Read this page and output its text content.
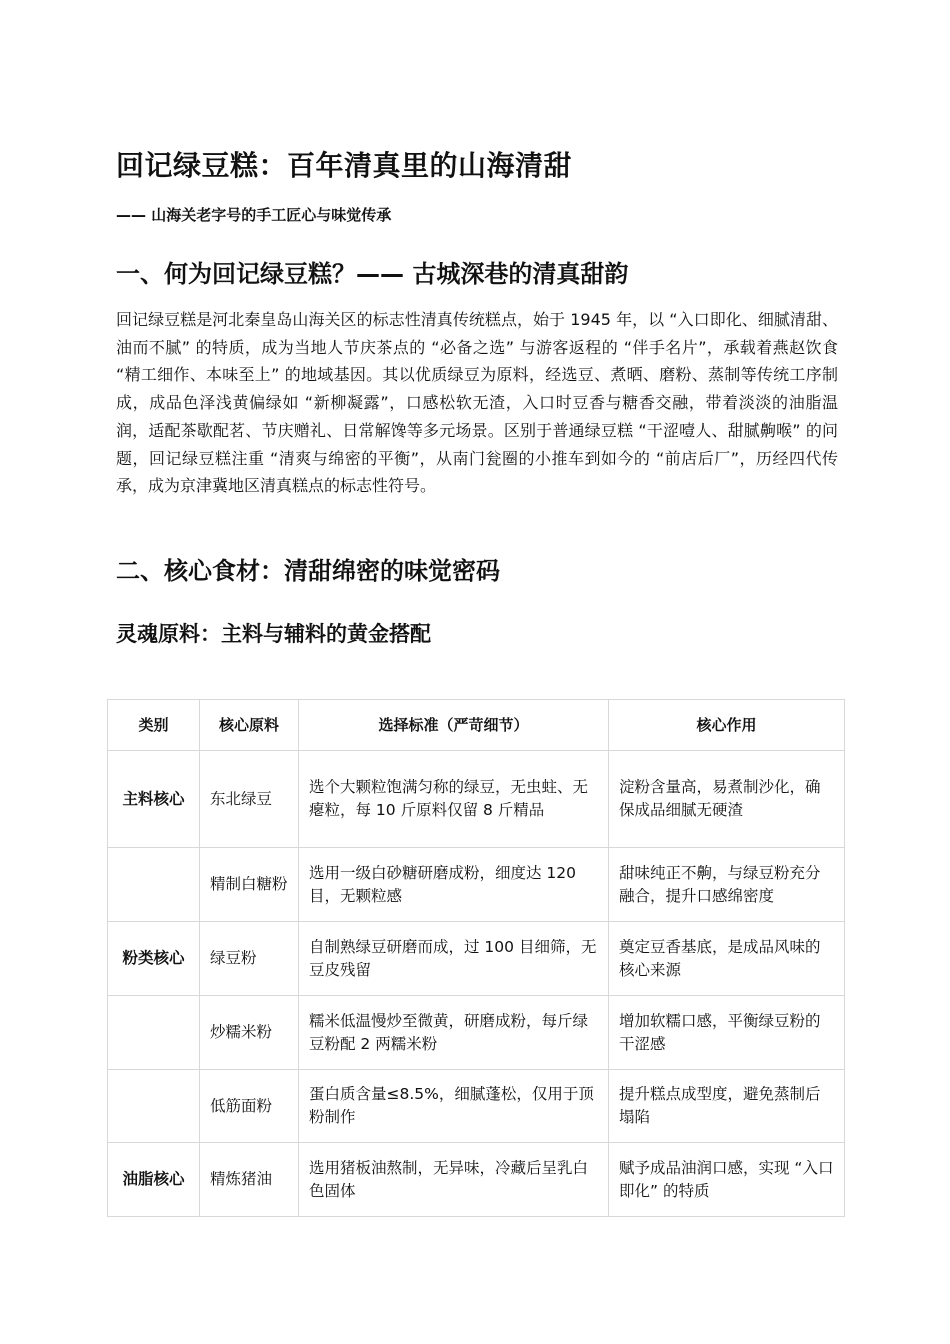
回记绿豆糕：百年清真里的山海清甜
—— 山海关老字号的手工匠心与味觉传承
一、何为回记绿豆糕？—— 古城深巷的清真甜韵

回记绿豆糕是河北秦皇岛山海关区的标志性清真传统糕点，始于 1945 年，以 “入口即化、细腻清甜、油而不腻” 的特质，成为当地人节庆茶点的 “必备之选” 与游客返程的 “伴手名片”，承载着燕赵饮食 “精工细作、本味至上” 的地域基因。其以优质绿豆为原料，经选豆、煮晒、磨粉、蒸制等传统工序制成，成品色泽浅黄偏绿如 “新柳凝露”，口感松软无渣，入口时豆香与糖香交融，带着淡淡的油脂温润，适配茶歇配茗、节庆赠礼、日常解馋等多元场景。区别于普通绿豆糕 “干涩噎人、甜腻齁喉” 的问题，回记绿豆糕注重 “清爽与绵密的平衡”，从南门瓮圈的小推车到如今的 “前店后厂”，历经四代传承，成为京津冀地区清真糕点的标志性符号。

二、核心食材：清甜绵密的味觉密码
灵魂原料：主料与辅料的黄金搭配
类别	核心原料	选择标准（严苛细节）	核心作用
主料核心	东北绿豆	选个大颗粒饱满匀称的绿豆，无虫蛀、无瘪粒，每 10 斤原料仅留 8 斤精品	淀粉含量高，易煮制沙化，确保成品细腻无硬渣
	精制白糖粉	选用一级白砂糖研磨成粉，细度达 120 目，无颗粒感	甜味纯正不齁，与绿豆粉充分融合，提升口感绵密度
粉类核心	绿豆粉	自制熟绿豆研磨而成，过 100 目细筛，无豆皮残留	奠定豆香基底，是成品风味的核心来源
	炒糯米粉	糯米低温慢炒至微黄，研磨成粉，每斤绿豆粉配 2 两糯米粉	增加软糯口感，平衡绿豆粉的干涩感
	低筋面粉	蛋白质含量≤8.5%，细腻蓬松，仅用于顶粉制作	提升糕点成型度，避免蒸制后塌陷
油脂核心	精炼猪油	选用猪板油熬制，无异味，冷藏后呈乳白色固体	赋予成品油润口感，实现 “入口即化” 的特质
